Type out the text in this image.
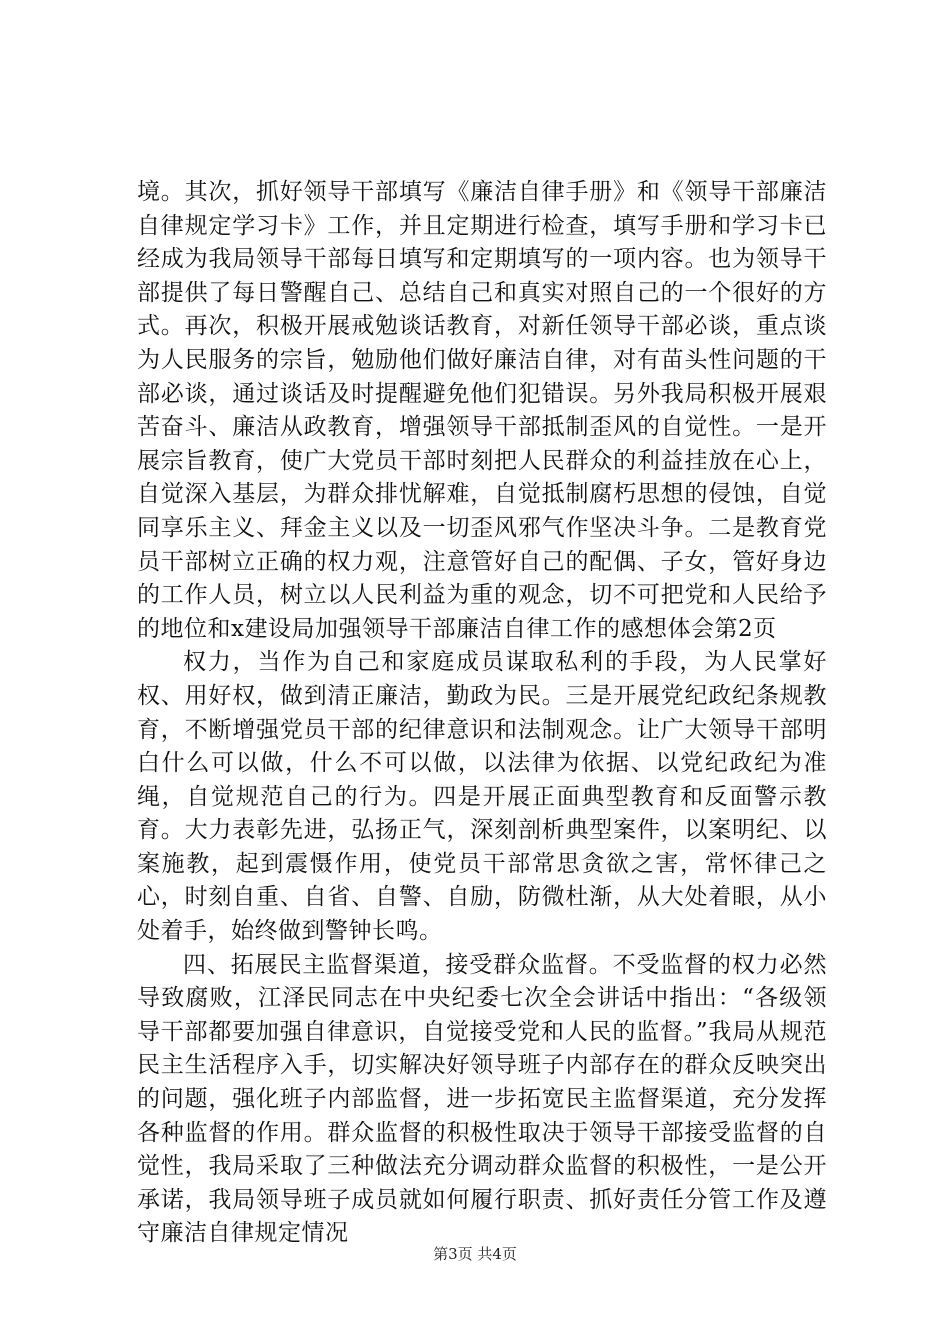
境。其次，抓好领导干部填写《廉洁自律手册》和《领导干部廉洁自律规定学习卡》工作，并且定期进行检查，填写手册和学习卡已经成为我局领导干部每日填写和定期填写的一项内容。也为领导干部提供了每日警醒自己、总结自己和真实对照自己的一个很好的方式。再次，积极开展戒勉谈话教育，对新任领导干部必谈，重点谈为人民服务的宗旨，勉励他们做好廉洁自律，对有苗头性问题的干部必谈，通过谈话及时提醒避免他们犯错误。另外我局积极开展艰苦奋斗、廉洁从政教育，增强领导干部抵制歪风的自觉性。一是开展宗旨教育，使广大党员干部时刻把人民群众的利益挂放在心上，自觉深入基层，为群众排忧解难，自觉抵制腐朽思想的侵蚀，自觉同享乐主义、拜金主义以及一切歪风邪气作坚决斗争。二是教育党员干部树立正确的权力观，注意管好自己的配偶、子女，管好身边的工作人员，树立以人民利益为重的观念，切不可把党和人民给予的地位和x建设局加强领导干部廉洁自律工作的感想体会第2页

权力，当作为自己和家庭成员谋取私利的手段，为人民掌好权、用好权，做到清正廉洁，勤政为民。三是开展党纪政纪条规教育，不断增强党员干部的纪律意识和法制观念。让广大领导干部明白什么可以做，什么不可以做，以法律为依据、以党纪政纪为准绳，自觉规范自己的行为。四是开展正面典型教育和反面警示教育。大力表彰先进，弘扬正气，深刻剖析典型案件，以案明纪、以案施教，起到震慑作用，使党员干部常思贪欲之害，常怀律己之心，时刻自重、自省、自警、自励，防微杜渐，从大处着眼，从小处着手，始终做到警钟长鸣。

四、拓展民主监督渠道，接受群众监督。不受监督的权力必然导致腐败，江泽民同志在中央纪委七次全会讲话中指出：“各级领导干部都要加强自律意识，自觉接受党和人民的监督。”我局从规范民主生活程序入手，切实解决好领导班子内部存在的群众反映突出的问题，强化班子内部监督，进一步拓宽民主监督渠道，充分发挥各种监督的作用。群众监督的积极性取决于领导干部接受监督的自觉性，我局采取了三种做法充分调动群众监督的积极性，一是公开承诺，我局领导班子成员就如何履行职责、抓好责任分管工作及遵守廉洁自律规定情况

第3页 共4页
